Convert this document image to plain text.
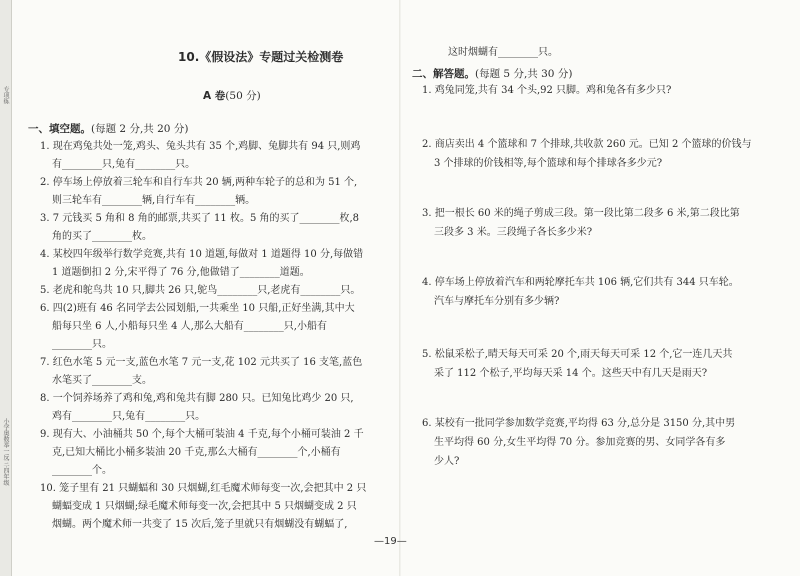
专项练
小学奥数举一反三·四年级
10.《假设法》专题过关检测卷
A 卷(50 分)
一、填空题。(每题 2 分,共 20 分)
1. 现在鸡兔共处一笼,鸡头、兔头共有 35 个,鸡脚、兔脚共有 94 只,则鸡
有________只,兔有________只。
2. 停车场上停放着三轮车和自行车共 20 辆,两种车轮子的总和为 51 个,
则三轮车有________辆,自行车有________辆。
3. 7 元钱买 5 角和 8 角的邮票,共买了 11 枚。5 角的买了________枚,8
角的买了________枚。
4. 某校四年级举行数学竞赛,共有 10 道题,每做对 1 道题得 10 分,每做错
1 道题倒扣 2 分,宋平得了 76 分,他做错了________道题。
5. 老虎和鸵鸟共 10 只,脚共 26 只,鸵鸟________只,老虎有________只。
6. 四(2)班有 46 名同学去公园划船,一共乘坐 10 只船,正好坐满,其中大
船每只坐 6 人,小船每只坐 4 人,那么大船有________只,小船有
________只。
7. 红色水笔 5 元一支,蓝色水笔 7 元一支,花 102 元共买了 16 支笔,蓝色
水笔买了________支。
8. 一个饲养场养了鸡和兔,鸡和兔共有脚 280 只。已知兔比鸡少 20 只,
鸡有________只,兔有________只。
9. 现有大、小油桶共 50 个,每个大桶可装油 4 千克,每个小桶可装油 2 千
克,已知大桶比小桶多装油 20 千克,那么大桶有________个,小桶有
________个。
10. 笼子里有 21 只蝴蝠和 30 只烟蝴,红毛魔术师每变一次,会把其中 2 只
蝴蝠变成 1 只烟蝴;绿毛魔术师每变一次,会把其中 5 只烟蝴变成 2 只
烟蝴。两个魔术师一共变了 15 次后,笼子里就只有烟蝴没有蝴蝠了,
这时烟蝴有________只。
二、解答题。(每题 5 分,共 30 分)
1. 鸡兔同笼,共有 34 个头,92 只脚。鸡和兔各有多少只?
2. 商店卖出 4 个篮球和 7 个排球,共收款 260 元。已知 2 个篮球的价钱与
3 个排球的价钱相等,每个篮球和每个排球各多少元?
3. 把一根长 60 米的绳子剪成三段。第一段比第二段多 6 米,第二段比第
三段多 3 米。三段绳子各长多少米?
4. 停车场上停放着汽车和两轮摩托车共 106 辆,它们共有 344 只车轮。
汽车与摩托车分别有多少辆?
5. 松鼠采松子,晴天每天可采 20 个,雨天每天可采 12 个,它一连几天共
采了 112 个松子,平均每天采 14 个。这些天中有几天是雨天?
6. 某校有一批同学参加数学竞赛,平均得 63 分,总分是 3150 分,其中男
生平均得 60 分,女生平均得 70 分。参加竞赛的男、女同学各有多
少人?
—19—
